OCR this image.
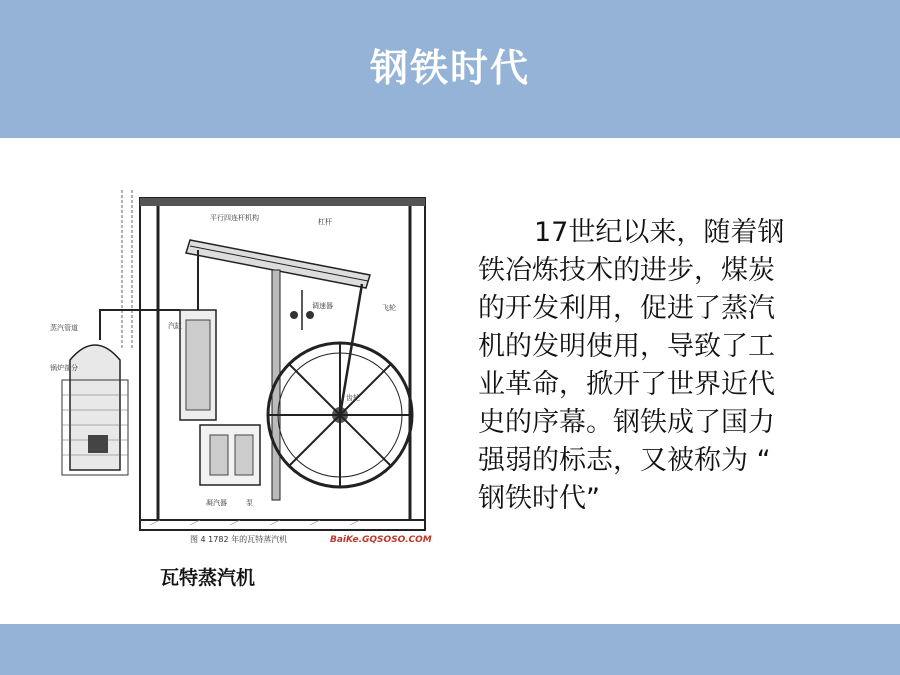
钢铁时代
平行四连杆机构	杠杆
蒸汽管道
锅炉部分
汽缸
调速器	飞轮
齿轮
凝汽器	泵
图 4 1782 年的瓦特蒸汽机	BaiKe.GQSOSO.COM
瓦特蒸汽机
17世纪以来，随着钢
铁冶炼技术的进步，煤炭
的开发利用，促进了蒸汽
机的发明使用，导致了工
业革命，掀开了世界近代
史的序幕。钢铁成了国力
强弱的标志，又被称为 “
钢铁时代”
